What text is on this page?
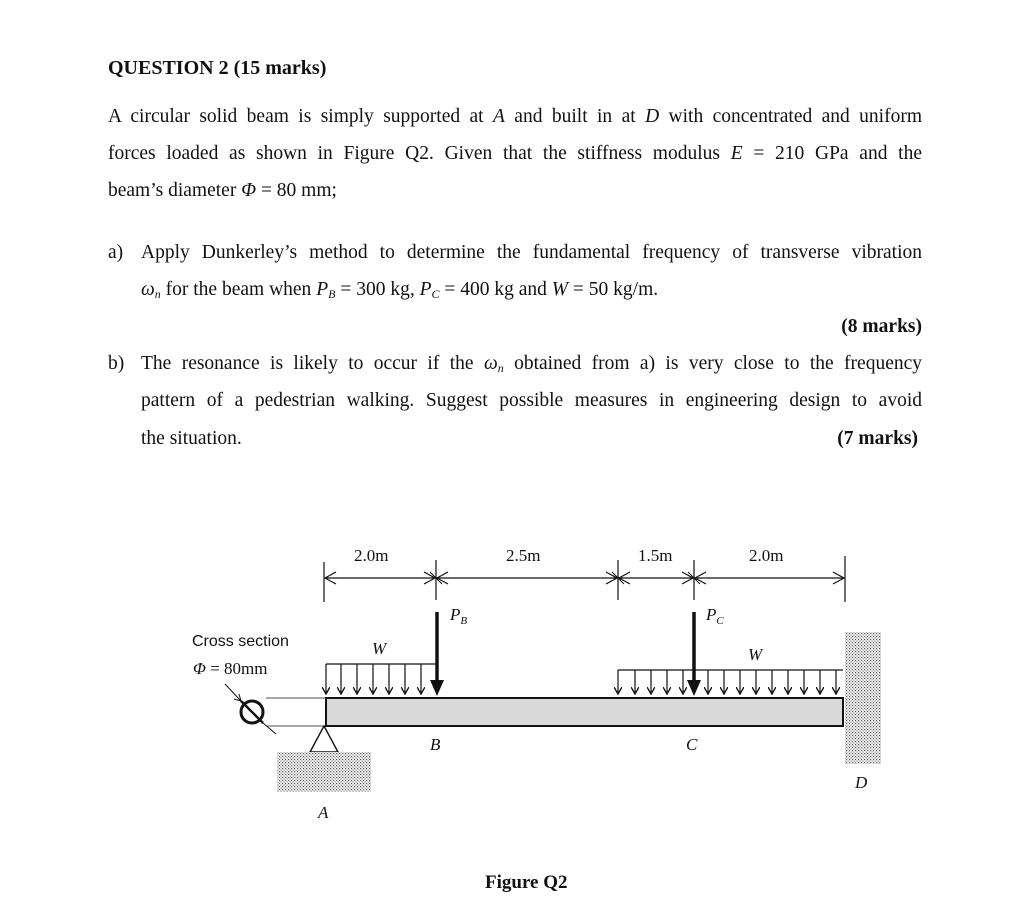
QUESTION 2 (15 marks)
A circular solid beam is simply supported at A and built in at D with concentrated and uniform
forces loaded as shown in Figure Q2. Given that the stiffness modulus E = 210 GPa and the
beam’s diameter Φ = 80 mm;
a) Apply Dunkerley’s method to determine the fundamental frequency of transverse vibration
$\omega_n$ for the beam when $P_B = 300$ kg, $P_C = 400$ kg and W = 50 kg/m.
(8 marks)
b) The resonance is likely to occur if the $\omega_n$ obtained from a) is very close to the frequency
pattern of a pedestrian walking. Suggest possible measures in engineering design to avoid
the situation.	(7 marks)
2.0m	2.5m	1.5m	2.0m
$P_B$	$P_C$
W	W
B	C
A
D
Cross section
Φ = 80mm
Figure Q2
